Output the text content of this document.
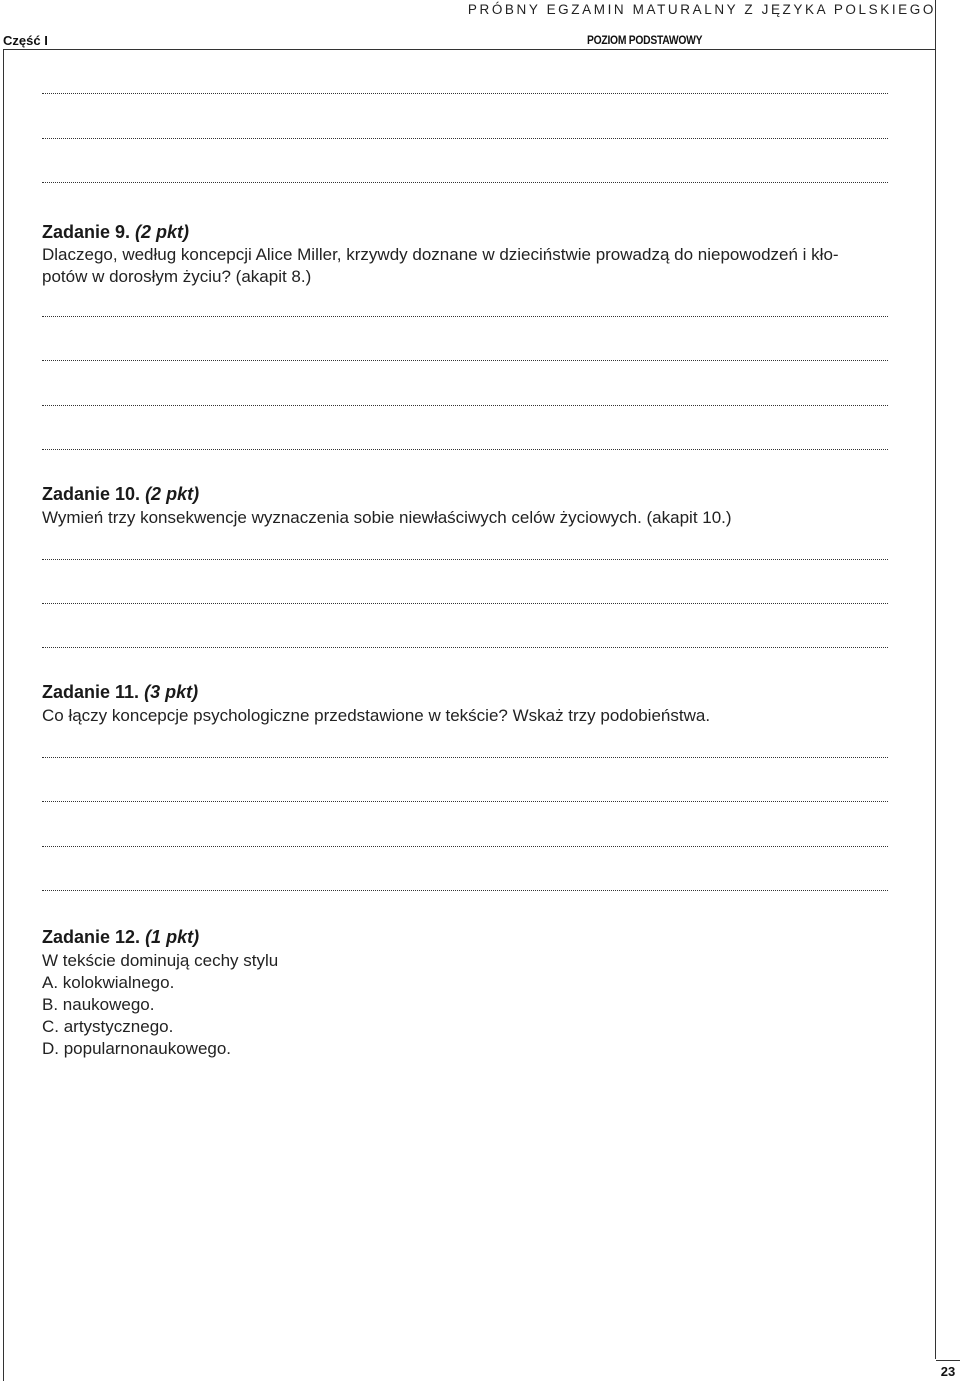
PRÓBNY EGZAMIN MATURALNY Z JĘZYKA POLSKIEGO
Część I	POZIOM PODSTAWOWY
Zadanie 9. (2 pkt)
Dlaczego, według koncepcji Alice Miller, krzywdy doznane w dzieciństwie prowadzą do niepowodzeń i kło-
potów w dorosłym życiu? (akapit 8.)
Zadanie 10. (2 pkt)
Wymień trzy konsekwencje wyznaczenia sobie niewłaściwych celów życiowych. (akapit 10.)
Zadanie 11. (3 pkt)
Co łączy koncepcje psychologiczne przedstawione w tekście? Wskaż trzy podobieństwa.
Zadanie 12. (1 pkt)
W tekście dominują cechy stylu
A. kolokwialnego.
B. naukowego.
C. artystycznego.
D. popularnonaukowego.
23
